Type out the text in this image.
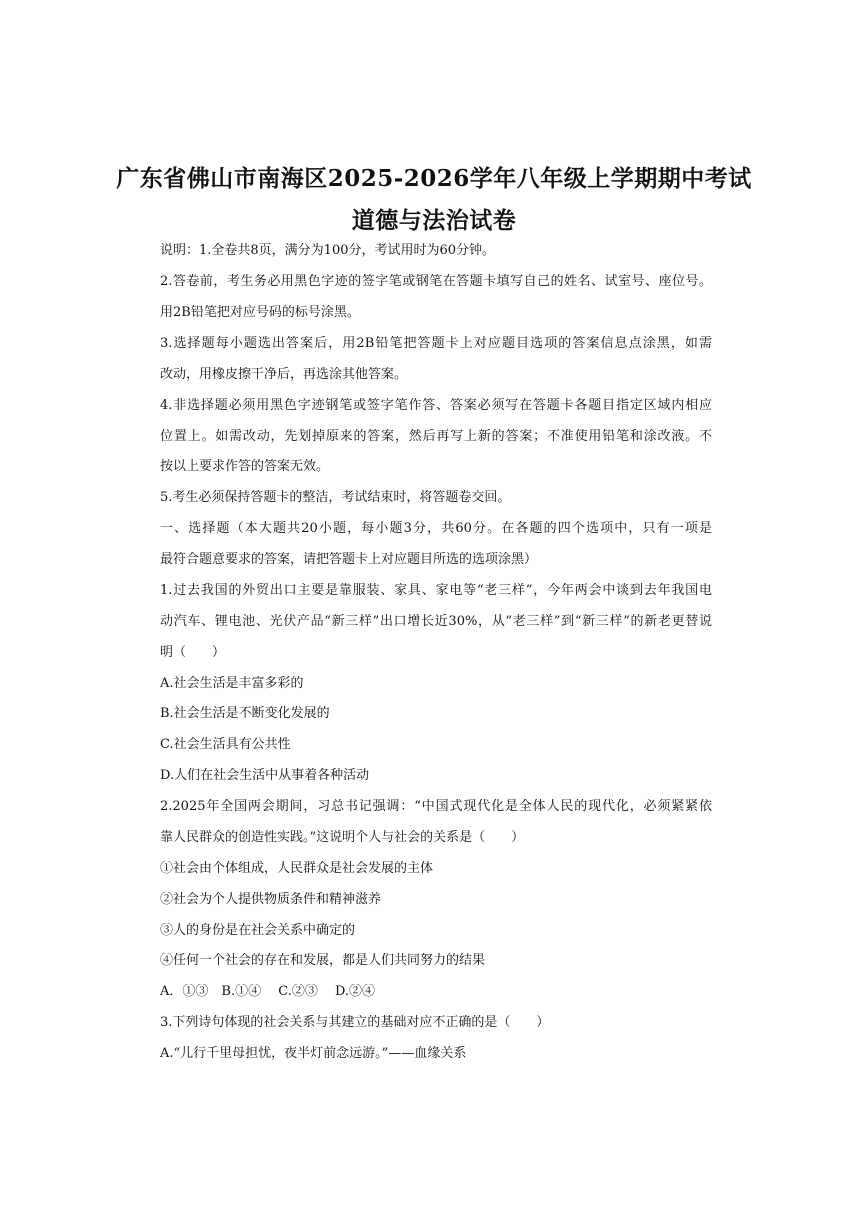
广东省佛山市南海区2025-2026学年八年级上学期期中考试
道德与法治试卷
说明：1.全卷共8页，满分为100分，考试用时为60分钟。
2.答卷前，考生务必用黑色字迹的签字笔或钢笔在答题卡填写自己的姓名、试室号、座位号。
用2B铅笔把对应号码的标号涂黑。
3.选择题每小题选出答案后，用2B铅笔把答题卡上对应题目选项的答案信息点涂黑，如需
改动，用橡皮擦干净后，再选涂其他答案。
4.非选择题必须用黑色字迹钢笔或签字笔作答、答案必须写在答题卡各题目指定区域内相应
位置上。如需改动，先划掉原来的答案，然后再写上新的答案；不准使用铅笔和涂改液。不
按以上要求作答的答案无效。
5.考生必须保持答题卡的整洁，考试结束时，将答题卷交回。
一、选择题（本大题共20小题，每小题3分，共60分。在各题的四个选项中，只有一项是
最符合题意要求的答案，请把答题卡上对应题目所选的选项涂黑）
1.过去我国的外贸出口主要是靠服装、家具、家电等“老三样”，今年两会中谈到去年我国电
动汽车、锂电池、光伏产品“新三样”出口增长近30%，从“老三样”到“新三样”的新老更替说
明（　　）
A.社会生活是丰富多彩的
B.社会生活是不断变化发展的
C.社会生活具有公共性
D.人们在社会生活中从事着各种活动
2.2025年全国两会期间，习总书记强调：“中国式现代化是全体人民的现代化，必须紧紧依
靠人民群众的创造性实践。”这说明个人与社会的关系是（　　）
①社会由个体组成，人民群众是社会发展的主体
②社会为个人提供物质条件和精神滋养
③人的身份是在社会关系中确定的
④任何一个社会的存在和发展，都是人们共同努力的结果
A．①③　B.①④　 C.②③　 D.②④
3.下列诗句体现的社会关系与其建立的基础对应不正确的是（　　）
A.“儿行千里母担忧，夜半灯前念远游。”——血缘关系
